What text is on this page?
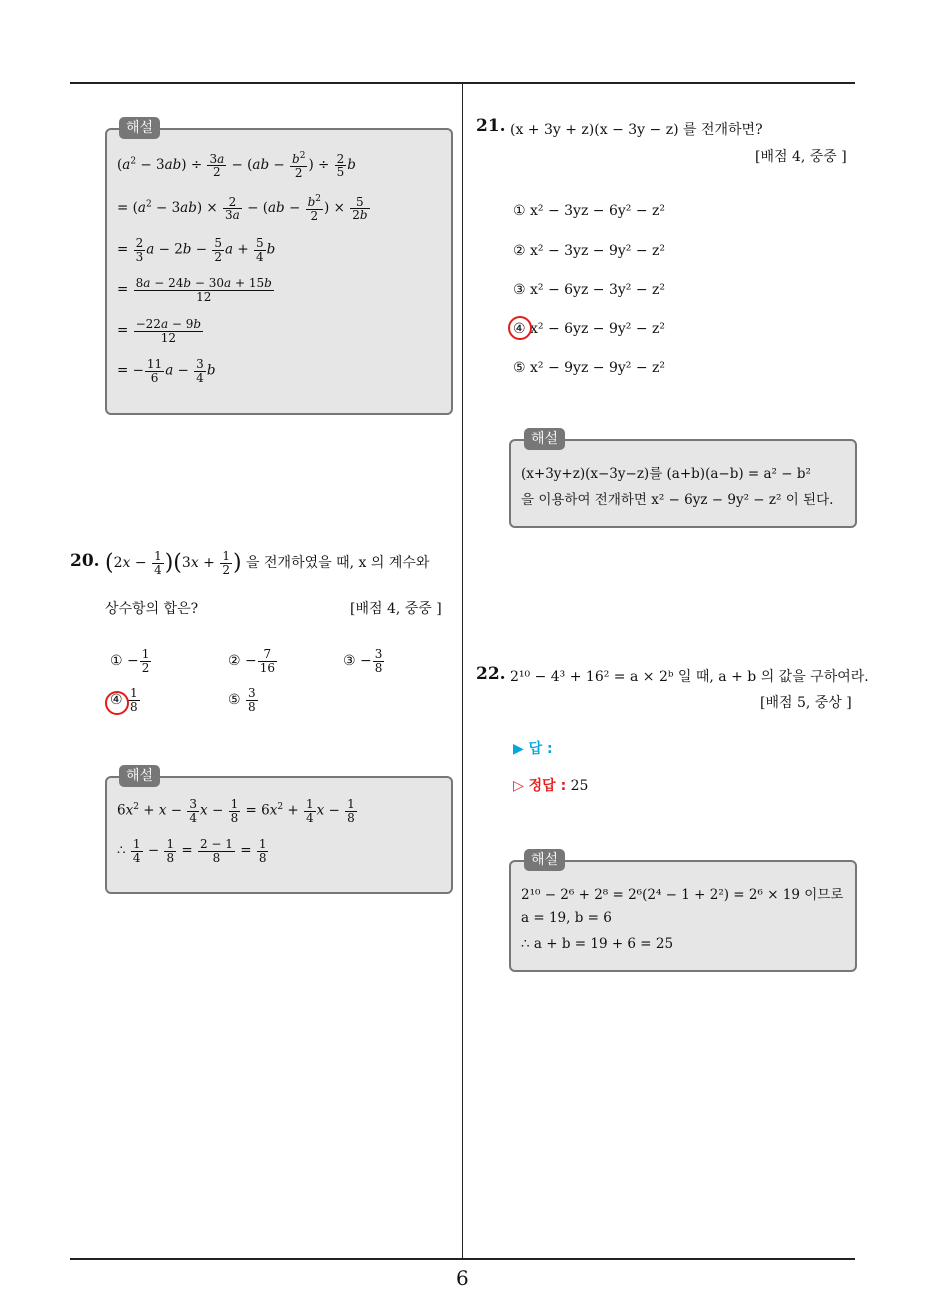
해설
$(a^2 - 3ab) \div \frac{3a}{2} - (ab - \frac{b^2}{2}$ ) ÷ $\frac{2}{5}$ b
= $(a^2 - 3ab) \times \frac{2}{3a} - (ab - \frac{b^2}{2}$ ) × $\frac{5}{2b}$
= $\frac{2}{3}$ $a - 2b - \frac{5}{2}$ $a + \frac{5}{4}$ b
= $\frac{8a - 24b - 30a + 15b}{12}$
= $\frac{-22a - 9b}{12}$
= − $\frac{11}{6}$ $a - \frac{3}{4}$ b
20. $(2x - \frac{1}{4} )(3x + \frac{1}{2}$ ) 을 전개하였을 때, x 의 계수와
상수항의 합은?	[배점 4, 중중 ]
① − $\frac{1}{2}$	② − $\frac{7}{16}$	③ − $\frac{3}{8}$
④ $\frac{1}{8}$	⑤ $\frac{3}{8}$
해설
$6x^2 + x - \frac{3}{4}$ $x - \frac{1}{8} = 6x^2 + \frac{1}{4}$ $x - \frac{1}{8}$
∴ $\frac{1}{4} - \frac{1}{8} = \frac{2 - 1}{8} = \frac{1}{8}$
21. (x + 3y + z)(x − 3y − z) 를 전개하면?
[배점 4, 중중 ]
① x² − 3yz − 6y² − z²
② x² − 3yz − 9y² − z²
③ x² − 6yz − 3y² − z²
④ x² − 6yz − 9y² − z²
⑤ x² − 9yz − 9y² − z²
해설
(x+3y+z)(x−3y−z)를 (a+b)(a−b) = a² − b²
을 이용하여 전개하면 x² − 6yz − 9y² − z² 이 된다.
22. 2¹⁰ − 4³ + 16² = a × 2ᵇ 일 때, a + b 의 값을 구하여라.
[배점 5, 중상 ]
▶ 답 :
▷ 정답 : 25
해설
2¹⁰ − 2⁶ + 2⁸ = 2⁶(2⁴ − 1 + 2²) = 2⁶ × 19 이므로
a = 19, b = 6
∴ a + b = 19 + 6 = 25
6
